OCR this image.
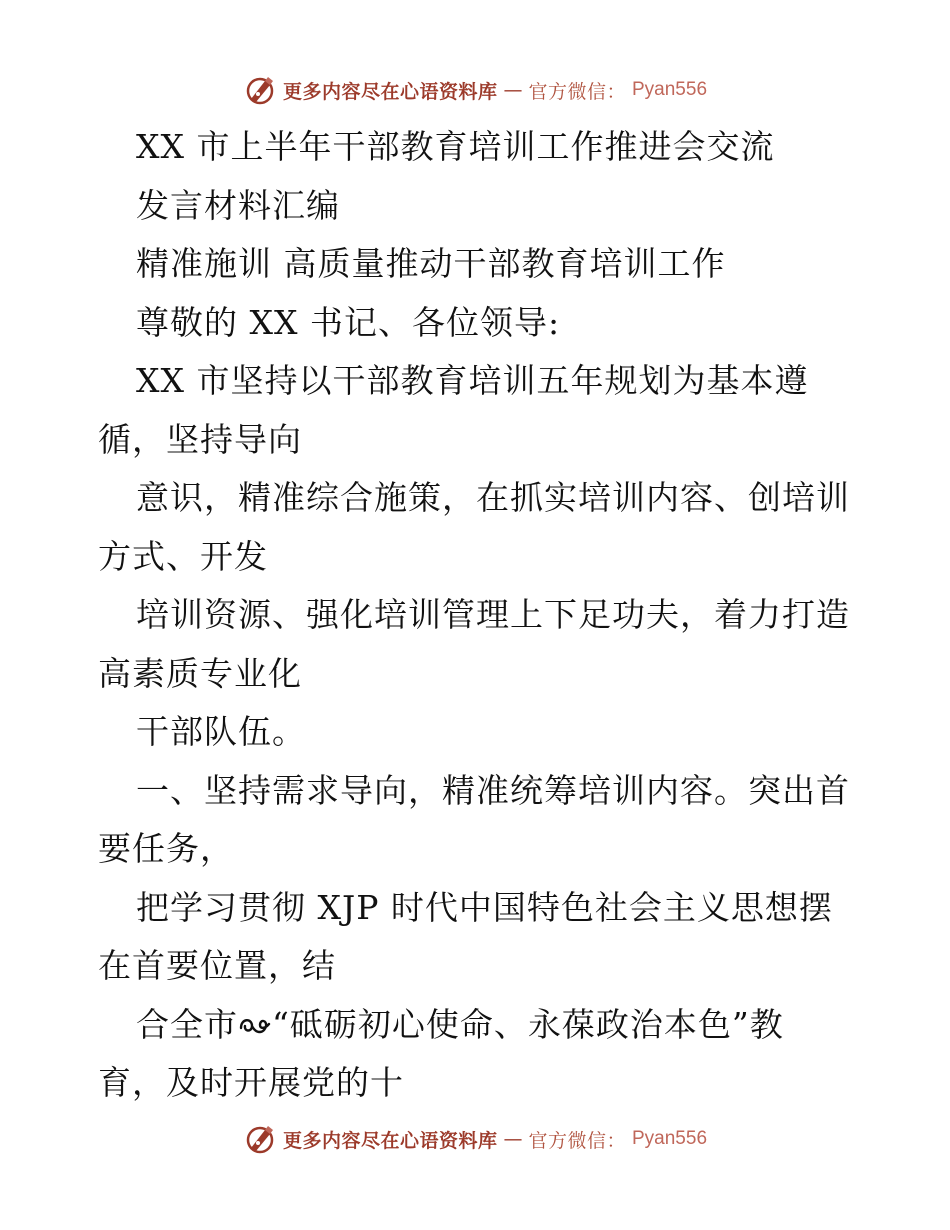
更多内容尽在心语资料库 — 官方微信： Pyan556
XX 市上半年干部教育培训工作推进会交流
发言材料汇编
精准施训 高质量推动干部教育培训工作
尊敬的 XX 书记、各位领导:
XX 市坚持以干部教育培训五年规划为基本遵
循，坚持导向
意识，精准综合施策，在抓实培训内容、创培训
方式、开发
培训资源、强化培训管理上下足功夫，着力打造
高素质专业化
干部队伍。
一、坚持需求导向，精准统筹培训内容。突出首
要任务，
把学习贯彻 XJP 时代中国特色社会主义思想摆
在首要位置，结
合全市 “砥砺初心使命、永葆政治本色”教
育，及时开展党的十
更多内容尽在心语资料库 — 官方微信： Pyan556
